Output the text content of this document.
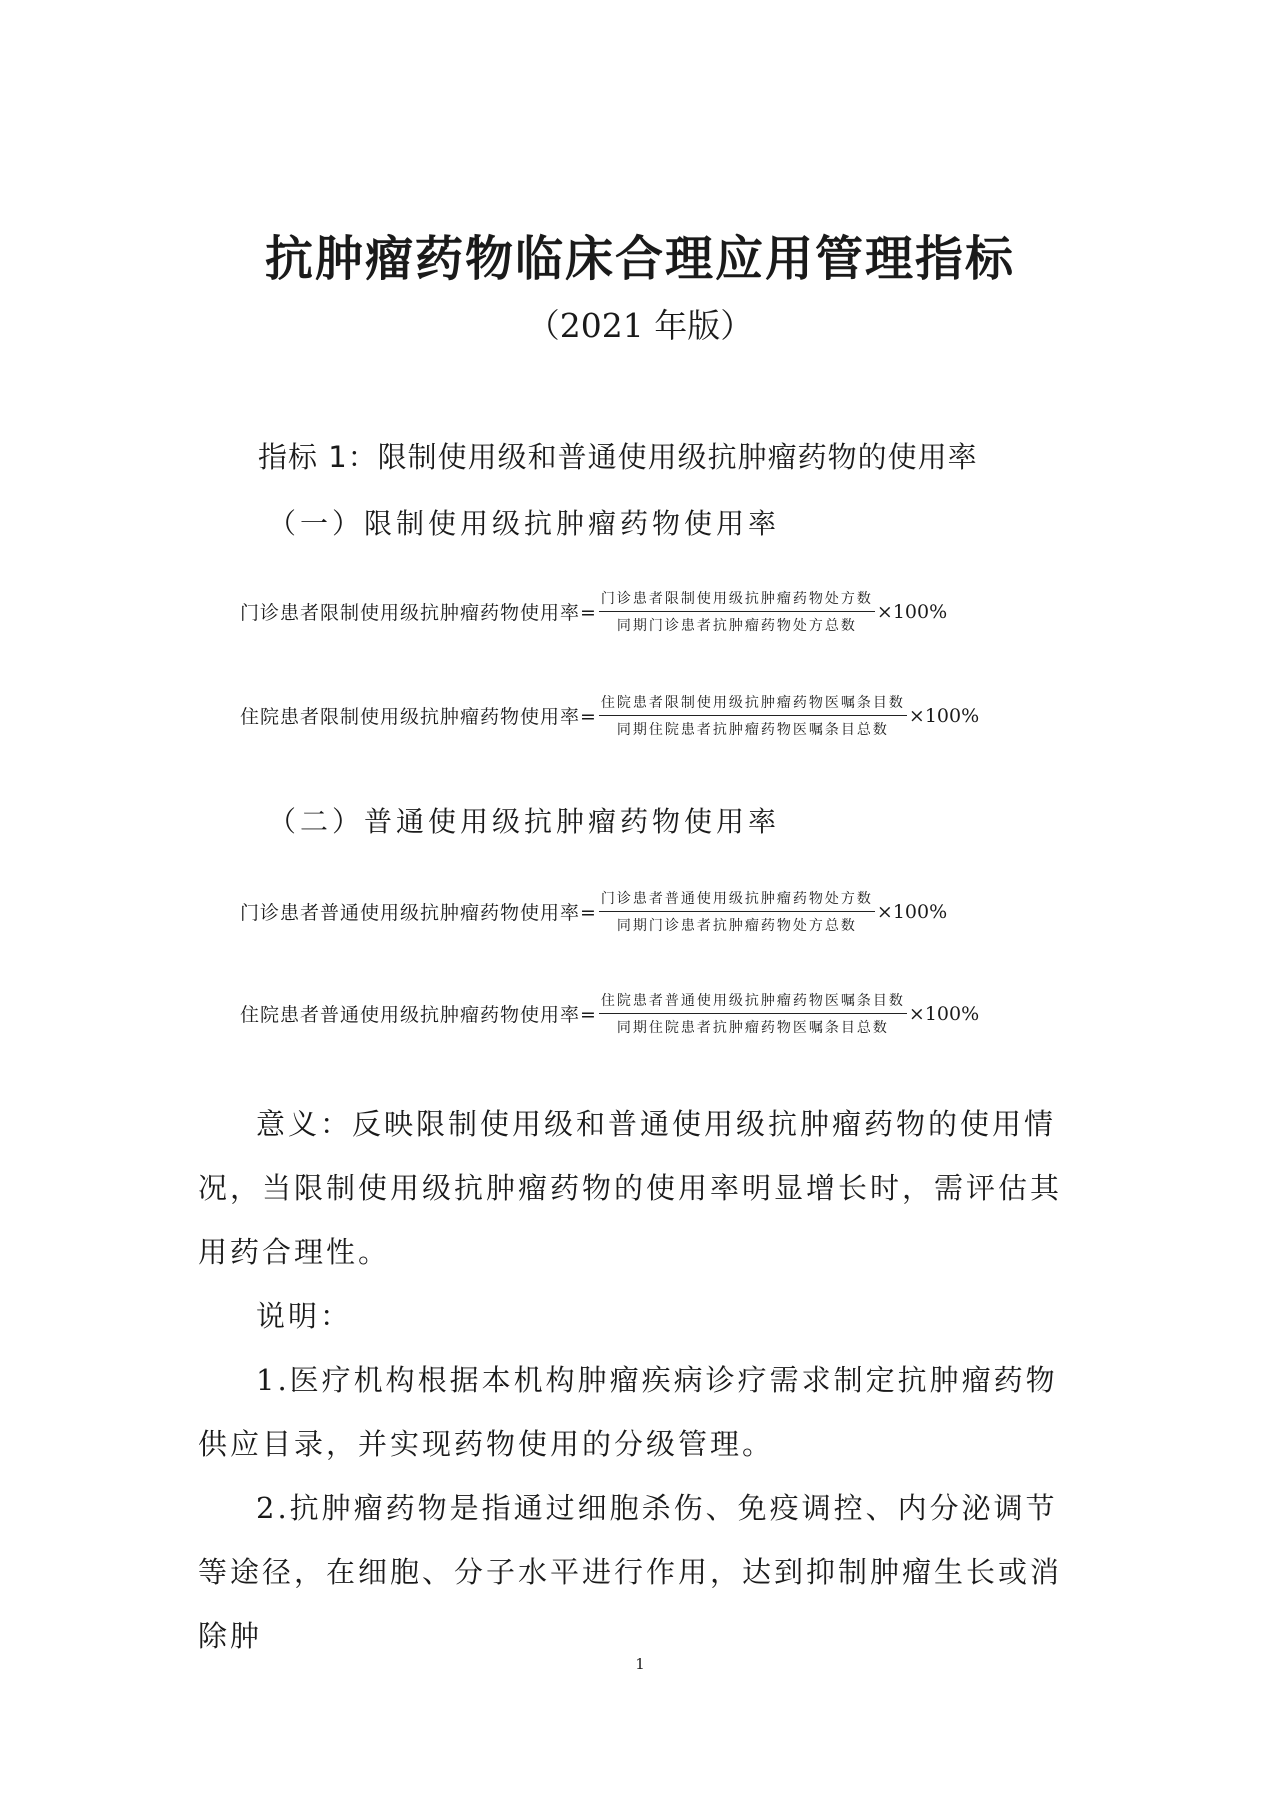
抗肿瘤药物临床合理应用管理指标
（2021 年版）
指标 1：限制使用级和普通使用级抗肿瘤药物的使用率
（一）限制使用级抗肿瘤药物使用率
门诊患者限制使用级抗肿瘤药物使用率= $\frac{\text{门诊患者限制使用级抗肿瘤药物处方数}}{\text{同期门诊患者抗肿瘤药物处方总数}} \times 100\%$
住院患者限制使用级抗肿瘤药物使用率= $\frac{\text{住院患者限制使用级抗肿瘤药物医嘱条目数}}{\text{同期住院患者抗肿瘤药物医嘱条目总数}} \times 100\%$
（二）普通使用级抗肿瘤药物使用率
门诊患者普通使用级抗肿瘤药物使用率= $\frac{\text{门诊患者普通使用级抗肿瘤药物处方数}}{\text{同期门诊患者抗肿瘤药物处方总数}} \times 100\%$
住院患者普通使用级抗肿瘤药物使用率= $\frac{\text{住院患者普通使用级抗肿瘤药物医嘱条目数}}{\text{同期住院患者抗肿瘤药物医嘱条目总数}} \times 100\%$

意义：反映限制使用级和普通使用级抗肿瘤药物的使用情况，当限制使用级抗肿瘤药物的使用率明显增长时，需评估其用药合理性。

说明：

1.医疗机构根据本机构肿瘤疾病诊疗需求制定抗肿瘤药物供应目录，并实现药物使用的分级管理。

2.抗肿瘤药物是指通过细胞杀伤、免疫调控、内分泌调节等途径，在细胞、分子水平进行作用，达到抑制肿瘤生长或消除肿

1
